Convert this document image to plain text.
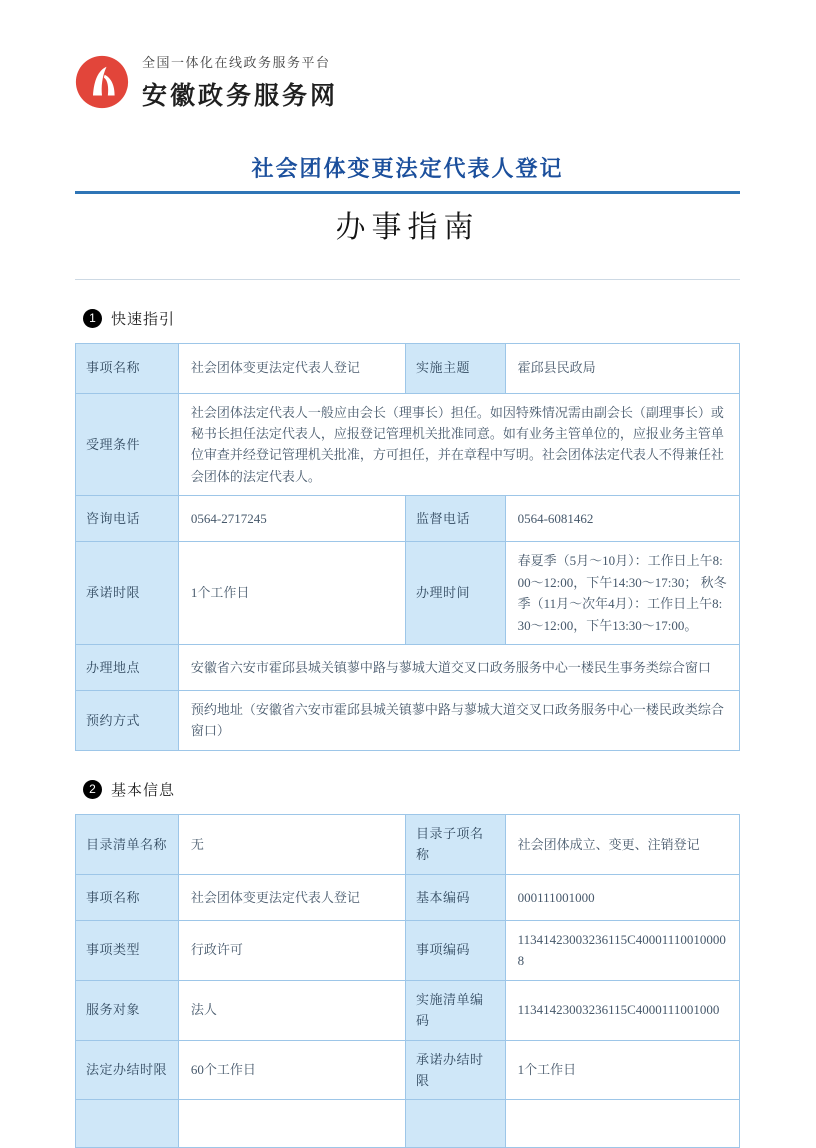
全国一体化在线政务服务平台
安徽政务服务网
社会团体变更法定代表人登记
办事指南
1	快速指引
事项名称	社会团体变更法定代表人登记	实施主题	霍邱县民政局
受理条件	社会团体法定代表人一般应由会长（理事长）担任。如因特殊情况需由副会长（副理事长）或秘书长担任法定代表人，应报登记管理机关批准同意。如有业务主管单位的，应报业务主管单位审查并经登记管理机关批准，方可担任，并在章程中写明。社会团体法定代表人不得兼任社会团体的法定代表人。		
咨询电话	0564-2717245	监督电话	0564-6081462
承诺时限	1个工作日	办理时间	春夏季（5月～10月）：工作日上午8:00～12:00，下午14:30～17:30； 秋冬季（11月～次年4月）：工作日上午8:30～12:00，下午13:30～17:00。
办理地点	安徽省六安市霍邱县城关镇蓼中路与蓼城大道交叉口政务服务中心一楼民生事务类综合窗口		
预约方式	预约地址（安徽省六安市霍邱县城关镇蓼中路与蓼城大道交叉口政务服务中心一楼民政类综合窗口）		
2	基本信息
目录清单名称	无	目录子项名称	社会团体成立、变更、注销登记
事项名称	社会团体变更法定代表人登记	基本编码	000111001000
事项类型	行政许可	事项编码	11341423003236115C400011100100008
服务对象	法人	实施清单编码	11341423003236115C4000111001000
法定办结时限	60个工作日	承诺办结时限	1个工作日
